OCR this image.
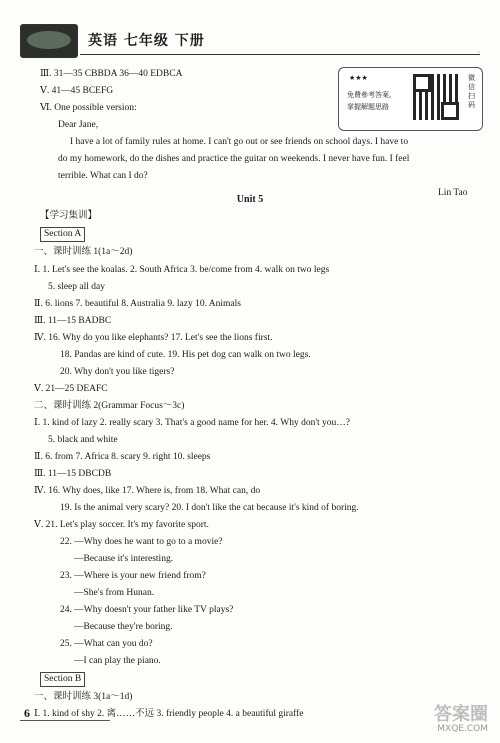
英语 七年级 下册
·
★★★
免費參考答案,
掌握解题思路
微信扫码
Ⅲ. 31—35 CBBDA 36—40 EDBCA
Ⅴ. 41—45 BCEFG
Ⅵ. One possible version:
Dear Jane,
I have a lot of family rules at home. I can't go out or see friends on school days. I have to
do my homework, do the dishes and practice the guitar on weekends. I never have fun. I feel
terrible. What can I do?
Lin Tao
【学习集训】
一、课时训练 1(1a～2d)
Ⅰ. 1. Let's see the koalas. 2. South Africa 3. be/come from 4. walk on two legs
5. sleep all day
Ⅱ. 6. lions 7. beautiful 8. Australia 9. lazy 10. Animals
Ⅲ. 11—15 BADBC
Ⅳ. 16. Why do you like elephants? 17. Let's see the lions first.
18. Pandas are kind of cute. 19. His pet dog can walk on two legs.
20. Why don't you like tigers?
Ⅴ. 21—25 DEAFC
二、课时训练 2(Grammar Focus～3c)
Ⅰ. 1. kind of lazy 2. really scary 3. That's a good name for her. 4. Why don't you…?
5. black and white
Ⅱ. 6. from 7. Africa 8. scary 9. right 10. sleeps
Ⅲ. 11—15 DBCDB
Ⅳ. 16. Why does, like 17. Where is, from 18. What can, do
19. Is the animal very scary? 20. I don't like the cat because it's kind of boring.
Ⅴ. 21. Let's play soccer. It's my favorite sport.
22. —Why does he want to go to a movie?
—Because it's interesting.
23. —Where is your new friend from?
—She's from Hunan.
24. —Why doesn't your father like TV plays?
—Because they're boring.
25. —What can you do?
—I can play the piano.
一、课时训练 3(1a～1d)
Ⅰ. 1. kind of shy 2. 离……不远 3. friendly people 4. a beautiful giraffe
Unit 5
Section A
Section B
6	答案圈
MXQE.COM
